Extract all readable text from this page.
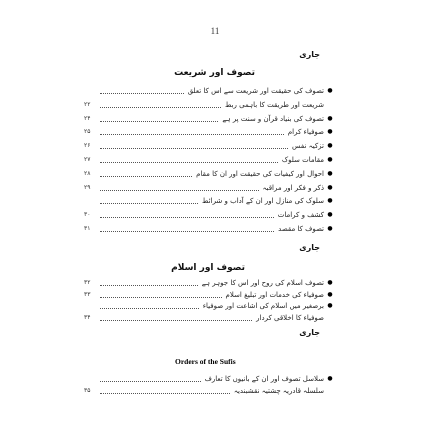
11
جاری
تصوف اور شریعت
●
تصوف کی حقیقت اور شریعت سے اس کا تعلق
شریعت اور طریقت کا باہمی ربط
۲۲
●
تصوف کی بنیاد قرآن و سنت پر ہے
۲۴
●
صوفیاء کرام
۲۵
●
تزکیہ نفس
۲۶
●
مقامات سلوک
۲۷
●
احوال اور کیفیات کی حقیقت اور ان کا مقام
۲۸
●
ذکر و فکر اور مراقبہ
۲۹
●
سلوک کی منازل اور ان کے آداب و شرائط
●
کشف و کرامات
۳۰
●
تصوف کا مقصد
۳۱
جاری
تصوف اور اسلام
●
تصوف اسلام کی روح اور اس کا جوہر ہے
۳۲
●
صوفیاء کی خدمات اور تبلیغ اسلام
۳۳
●
برصغیر میں اسلام کی اشاعت اور صوفیاء
صوفیاء کا اخلاقی کردار
۳۴
جاری
Orders of the Sufis
●
سلاسل تصوف اور ان کے بانیوں کا تعارف
سلسلہ قادریہ چشتیہ نقشبندیہ
۳۵
